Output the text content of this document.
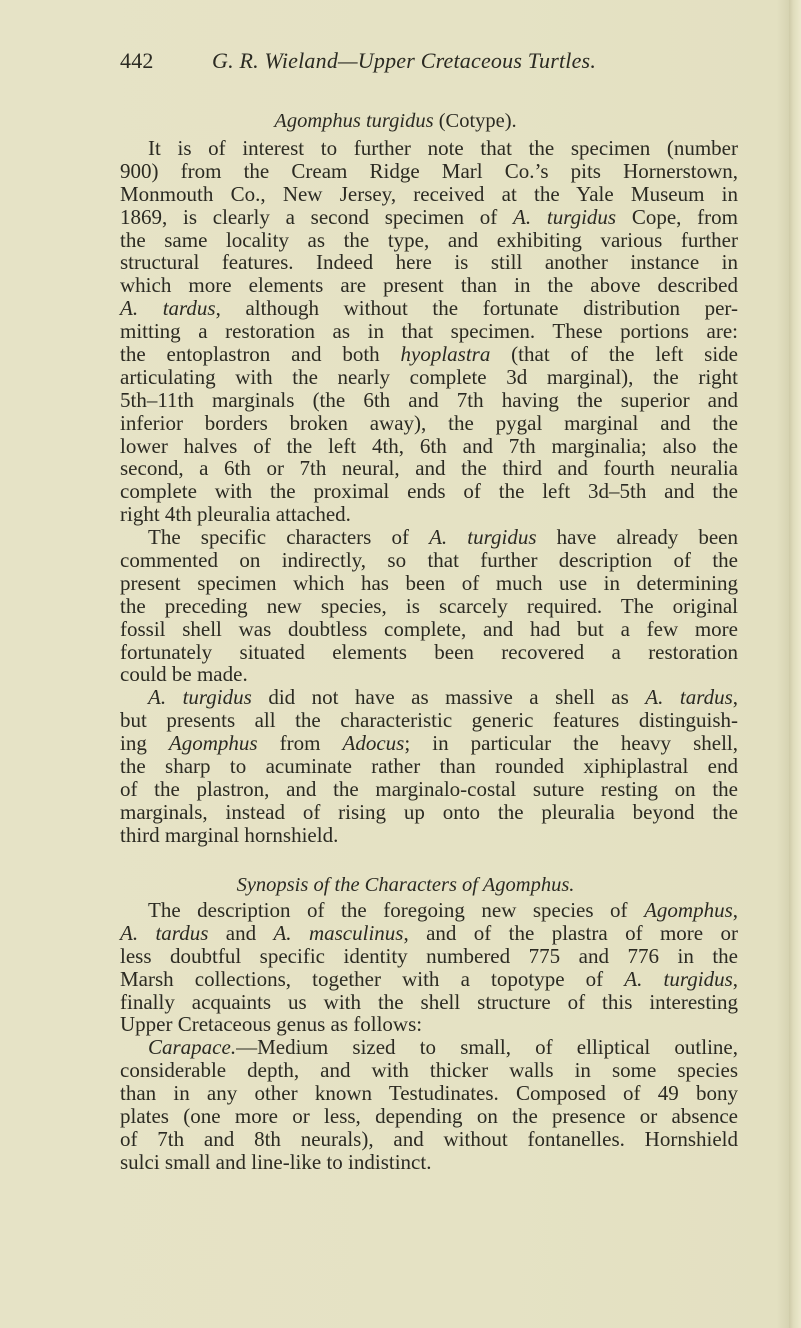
442	G. R. Wieland—Upper Cretaceous Turtles.
Agomphus turgidus (Cotype).
It is of interest to further note that the specimen (number
900) from the Cream Ridge Marl Co.’s pits Hornerstown,
Monmouth Co., New Jersey, received at the Yale Museum in
1869, is clearly a second specimen of A. turgidus Cope, from
the same locality as the type, and exhibiting various further
structural features. Indeed here is still another instance in
which more elements are present than in the above described
A. tardus, although without the fortunate distribution per-
mitting a restoration as in that specimen. These portions are:
the entoplastron and both hyoplastra (that of the left side
articulating with the nearly complete 3d marginal), the right
5th–11th marginals (the 6th and 7th having the superior and
inferior borders broken away), the pygal marginal and the
lower halves of the left 4th, 6th and 7th marginalia; also the
second, a 6th or 7th neural, and the third and fourth neuralia
complete with the proximal ends of the left 3d–5th and the
right 4th pleuralia attached.
The specific characters of A. turgidus have already been
commented on indirectly, so that further description of the
present specimen which has been of much use in determining
the preceding new species, is scarcely required. The original
fossil shell was doubtless complete, and had but a few more
fortunately situated elements been recovered a restoration
could be made.
A. turgidus did not have as massive a shell as A. tardus,
but presents all the characteristic generic features distinguish-
ing Agomphus from Adocus; in particular the heavy shell,
the sharp to acuminate rather than rounded xiphiplastral end
of the plastron, and the marginalo-costal suture resting on the
marginals, instead of rising up onto the pleuralia beyond the
third marginal hornshield.
Synopsis of the Characters of Agomphus.
The description of the foregoing new species of Agomphus,
A. tardus and A. masculinus, and of the plastra of more or
less doubtful specific identity numbered 775 and 776 in the
Marsh collections, together with a topotype of A. turgidus,
finally acquaints us with the shell structure of this interesting
Upper Cretaceous genus as follows:
Carapace.—Medium sized to small, of elliptical outline,
considerable depth, and with thicker walls in some species
than in any other known Testudinates. Composed of 49 bony
plates (one more or less, depending on the presence or absence
of 7th and 8th neurals), and without fontanelles. Hornshield
sulci small and line-like to indistinct.
